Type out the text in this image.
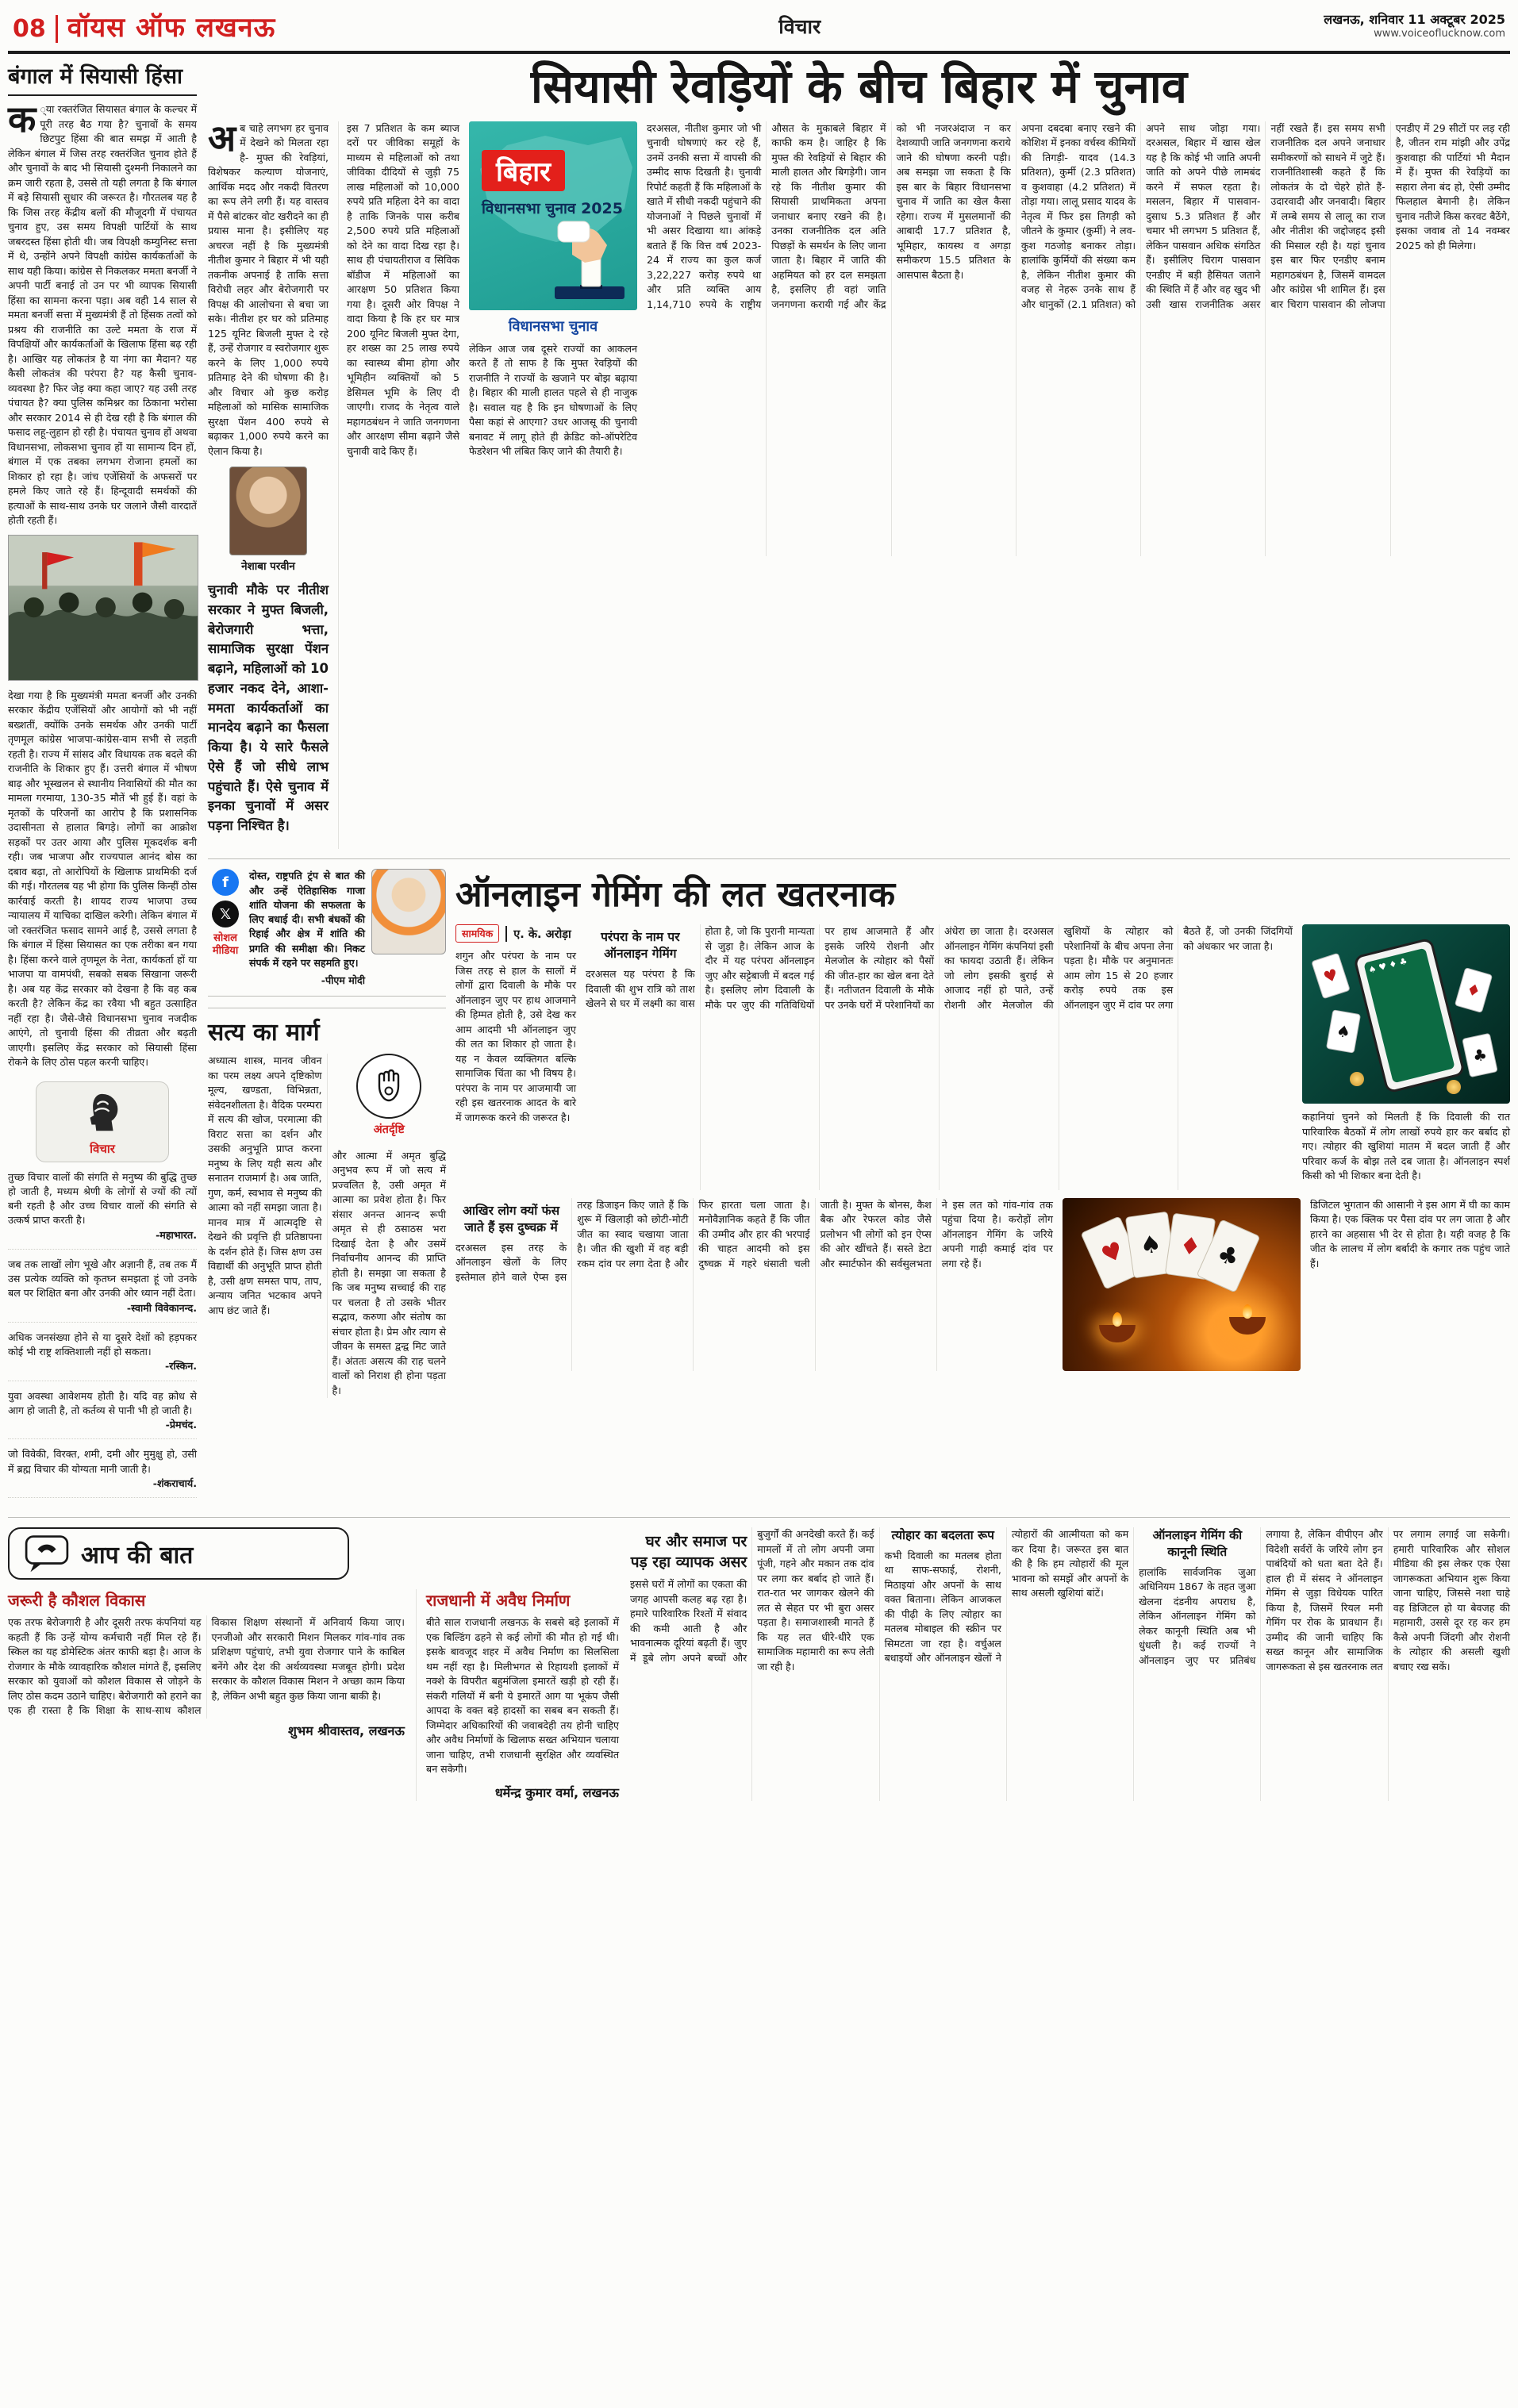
08 वॉयस ऑफ लखनऊ	विचार	लखनऊ, शनिवार 11 अक्टूबर 2025
www.voiceoflucknow.com
बंगाल में सियासी हिंसा

क ्या रक्तरंजित सियासत बंगाल के कल्चर में पूरी तरह बैठ गया है? चुनावों के समय छिटपुट हिंसा की बात समझ में आती है लेकिन बंगाल में जिस तरह रक्तरंजित चुनाव होते हैं और चुनावों के बाद भी सियासी दुश्मनी निकालने का क्रम जारी रहता है, उससे तो यही लगता है कि बंगाल में बड़े सियासी सुधार की जरूरत है। गौरतलब यह है कि जिस तरह केंद्रीय बलों की मौजूदगी में पंचायत चुनाव हुए, उस समय विपक्षी पार्टियों के साथ जबरदस्त हिंसा होती थी। जब विपक्षी कम्युनिस्ट सत्ता में थे, उन्होंने अपने विपक्षी कांग्रेस कार्यकर्ताओं के साथ यही किया। कांग्रेस से निकलकर ममता बनर्जी ने अपनी पार्टी बनाई तो उन पर भी व्यापक सियासी हिंसा का सामना करना पड़ा। अब वही 14 साल से ममता बनर्जी सत्ता में मुख्यमंत्री हैं तो हिंसक तत्वों को प्रश्रय की राजनीति का उल्टे ममता के राज में विपक्षियों और कार्यकर्ताओं के खिलाफ हिंसा बढ़ रही है। आखिर यह लोकतंत्र है या नंगा का मैदान? यह कैसी लोकतंत्र की परंपरा है? यह कैसी चुनाव-व्यवस्था है? फिर जेड़ क्या कहा जाए? यह उसी तरह पंचायत है? क्या पुलिस कमिश्नर का ठिकाना भरोसा और सरकार 2014 से ही देख रही है कि बंगाल की फसाद लहू-लुहान हो रही है। पंचायत चुनाव हों अथवा विधानसभा, लोकसभा चुनाव हों या सामान्य दिन हों, बंगाल में एक तबका लगभग रोजाना हमलों का शिकार हो रहा है। जांच एजेंसियों के अफसरों पर हमले किए जाते रहे हैं। हिन्दूवादी समर्थकों की हत्याओं के साथ-साथ उनके घर जलाने जैसी वारदातें होती रहती हैं।

देखा गया है कि मुख्यमंत्री ममता बनर्जी और उनकी सरकार केंद्रीय एजेंसियों और आयोगों को भी नहीं बख्शतीं, क्योंकि उनके समर्थक और उनकी पार्टी तृणमूल कांग्रेस भाजपा-कांग्रेस-वाम सभी से लड़ती रहती है। राज्य में सांसद और विधायक तक बदले की राजनीति के शिकार हुए हैं। उत्तरी बंगाल में भीषण बाढ़ और भूस्खलन से स्थानीय निवासियों की मौत का मामला गरमाया, 130-35 मौतें भी हुई हैं। वहां के मृतकों के परिजनों का आरोप है कि प्रशासनिक उदासीनता से हालात बिगड़े। लोगों का आक्रोश सड़कों पर उतर आया और पुलिस मूकदर्शक बनी रही। जब भाजपा और राज्यपाल आनंद बोस का दबाव बढ़ा, तो आरोपियों के खिलाफ प्राथमिकी दर्ज की गई। गौरतलब यह भी होगा कि पुलिस किन्हीं ठोस कार्रवाई करती है। शायद राज्य भाजपा उच्च न्यायालय में याचिका दाखिल करेगी। लेकिन बंगाल में जो रक्तरंजित फसाद सामने आई है, उससे लगता है कि बंगाल में हिंसा सियासत का एक तरीका बन गया है। हिंसा करने वाले तृणमूल के नेता, कार्यकर्ता हों या भाजपा या वामपंथी, सबको सबक सिखाना जरूरी है। अब यह केंद्र सरकार को देखना है कि वह कब करती है? लेकिन केंद्र का रवैया भी बहुत उत्साहित नहीं रहा है। जैसे-जैसे विधानसभा चुनाव नजदीक आएंगे, तो चुनावी हिंसा की तीव्रता और बढ़ती जाएगी। इसलिए केंद्र सरकार को सियासी हिंसा रोकने के लिए ठोस पहल करनी चाहिए।

विचार
तुच्छ विचार वालों की संगति से मनुष्य की बुद्धि तुच्छ हो जाती है, मध्यम श्रेणी के लोगों से ज्यों की त्यों बनी रहती है और उच्च विचार वालों की संगति से उत्कर्ष प्राप्त करती है।
-महाभारत.
जब तक लाखों लोग भूखे और अज्ञानी हैं, तब तक मैं उस प्रत्येक व्यक्ति को कृतघ्न समझता हूं जो उनके बल पर शिक्षित बना और उनकी ओर ध्यान नहीं देता।
-स्वामी विवेकानन्द.
अधिक जनसंख्या होने से या दूसरे देशों को हड़पकर कोई भी राष्ट्र शक्तिशाली नहीं हो सकता।
-रस्किन.
युवा अवस्था आवेशमय होती है। यदि वह क्रोध से आग हो जाती है, तो कर्तव्य से पानी भी हो जाती है।
-प्रेमचंद.
जो विवेकी, विरक्त, शमी, दमी और मुमुक्षु हो, उसी में ब्रह्म विचार की योग्यता मानी जाती है।
-शंकराचार्य.
सियासी रेवड़ियों के बीच बिहार में चुनाव

अब चाहे लगभग हर चुनाव में देखने को मिलता रहा है- मुफ्त की रेवड़ियां, विशेषकर कल्याण योजनाएं, आर्थिक मदद और नकदी वितरण का रूप लेने लगी हैं। यह वास्तव में पैसे बांटकर वोट खरीदने का ही प्रयास माना है। इसीलिए यह अचरज नहीं है कि मुख्यमंत्री नीतीश कुमार ने बिहार में भी यही तकनीक अपनाई है ताकि सत्ता विरोधी लहर और बेरोजगारी पर विपक्ष की आलोचना से बचा जा सके। नीतीश हर घर को प्रतिमाह 125 यूनिट बिजली मुफ्त दे रहे हैं, उन्हें रोजगार व स्वरोजगार शुरू करने के लिए 1,000 रुपये प्रतिमाह देने की घोषणा की है। और विचार ओ कुछ करोड़ महिलाओं को मासिक सामाजिक सुरक्षा पेंशन 400 रुपये से बढ़ाकर 1,000 रुपये करने का ऐलान किया है।

नेशाबा परवीन

चुनावी मौके पर नीतीश सरकार ने मुफ्त बिजली, बेरोजगारी भत्ता, सामाजिक सुरक्षा पेंशन बढ़ाने, महिलाओं को 10 हजार नकद देने, आशा-ममता कार्यकर्ताओं का मानदेय बढ़ाने का फैसला किया है। ये सारे फैसले ऐसे हैं जो सीधे लाभ पहुंचाते हैं। ऐसे चुनाव में इनका चुनावों में असर पड़ना निश्चित है।

इस 7 प्रतिशत के कम ब्याज दरों पर जीविका समूहों के माध्यम से महिलाओं को तथा जीविका दीदियों से जुड़ी 75 लाख महिलाओं को 10,000 रुपये प्रति महिला देने का वादा है ताकि जिनके पास करीब 2,500 रुपये प्रति महिलाओं को देने का वादा दिख रहा है। साथ ही पंचायतीराज व सिविक बॉडीज में महिलाओं का आरक्षण 50 प्रतिशत किया गया है। दूसरी ओर विपक्ष ने वादा किया है कि हर घर मात्र 200 यूनिट बिजली मुफ्त देगा, हर शख्स का 25 लाख रुपये का स्वास्थ्य बीमा होगा और भूमिहीन व्यक्तियों को 5 डेसिमल भूमि के लिए दी जाएगी। राजद के नेतृत्व वाले महागठबंधन ने जाति जनगणना और आरक्षण सीमा बढ़ाने जैसे चुनावी वादे किए हैं।

बिहार
विधानसभा चुनाव 2025
विधानसभा चुनाव

लेकिन आज जब दूसरे राज्यों का आकलन करते हैं तो साफ है कि मुफ्त रेवड़ियों की राजनीति ने राज्यों के खजाने पर बोझ बढ़ाया है। बिहार की माली हालत पहले से ही नाजुक है। सवाल यह है कि इन घोषणाओं के लिए पैसा कहां से आएगा? उधर आजसू की चुनावी बनावट में लागू होते ही क्रेडिट को-ऑपरेटिव फेडरेशन भी लंबित किए जाने की तैयारी है।

दरअसल, नीतीश कुमार जो भी चुनावी घोषणाएं कर रहे हैं, उनमें उनकी सत्ता में वापसी की उम्मीद साफ दिखती है। चुनावी रिपोर्ट कहती हैं कि महिलाओं के खाते में सीधी नकदी पहुंचाने की योजनाओं ने पिछले चुनावों में भी असर दिखाया था। आंकड़े बताते हैं कि वित्त वर्ष 2023-24 में राज्य का कुल कर्ज 3,22,227 करोड़ रुपये था और प्रति व्यक्ति आय 1,14,710 रुपये के राष्ट्रीय औसत के मुकाबले बिहार में काफी कम है। जाहिर है कि मुफ्त की रेवड़ियों से बिहार की माली हालत और बिगड़ेगी। जान रहे कि नीतीश कुमार की सियासी प्राथमिकता अपना जनाधार बनाए रखने की है। उनका राजनीतिक दल अति पिछड़ों के समर्थन के लिए जाना जाता है। बिहार में जाति की अहमियत को हर दल समझता है, इसलिए ही वहां जाति जनगणना करायी गई और केंद्र को भी नजरअंदाज न कर देशव्यापी जाति जनगणना कराये जाने की घोषणा करनी पड़ी। अब समझा जा सकता है कि इस बार के बिहार विधानसभा चुनाव में जाति का खेल कैसा रहेगा। राज्य में मुसलमानों की आबादी 17.7 प्रतिशत है, भूमिहार, कायस्थ व अगड़ा समीकरण 15.5 प्रतिशत के आसपास बैठता है।

अपना दबदबा बनाए रखने की कोशिश में इनका वर्चस्व कीमियों की तिगड़ी- यादव (14.3 प्रतिशत), कुर्मी (2.3 प्रतिशत) व कुशवाहा (4.2 प्रतिशत) में तोड़ा गया। लालू प्रसाद यादव के नेतृत्व में फिर इस तिगड़ी को जीतने के कुमार (कुर्मी) ने लव-कुश गठजोड़ बनाकर तोड़ा। हालांकि कुर्मियों की संख्या कम है, लेकिन नीतीश कुमार की वजह से नेहरू उनके साथ हैं और धानुकों (2.1 प्रतिशत) को अपने साथ जोड़ा गया। दरअसल, बिहार में खास खेल यह है कि कोई भी जाति अपनी जाति को अपने पीछे लामबंद करने में सफल रहता है। मसलन, बिहार में पासवान-दुसाध 5.3 प्रतिशत हैं और चमार भी लगभग 5 प्रतिशत हैं, लेकिन पासवान अधिक संगठित हैं। इसीलिए चिराग पासवान एनडीए में बड़ी हैसियत जताने की स्थिति में हैं और वह खुद भी उसी खास राजनीतिक असर नहीं रखते हैं। इस समय सभी राजनीतिक दल अपने जनाधार समीकरणों को साधने में जुटे हैं। राजनीतिशास्त्री कहते हैं कि लोकतंत्र के दो चेहरे होते हैं- उदारवादी और जनवादी। बिहार में लम्बे समय से लालू का राज और नीतीश की जद्दोजहद इसी की मिसाल रही है। यहां चुनाव इस बार फिर एनडीए बनाम महागठबंधन है, जिसमें वामदल और कांग्रेस भी शामिल हैं। इस बार चिराग पासवान की लोजपा एनडीए में 29 सीटों पर लड़ रही है, जीतन राम मांझी और उपेंद्र कुशवाहा की पार्टियां भी मैदान में हैं। मुफ्त की रेवड़ियों का सहारा लेना बंद हो, ऐसी उम्मीद फिलहाल बेमानी है। लेकिन चुनाव नतीजे किस करवट बैठेंगे, इसका जवाब तो 14 नवम्बर 2025 को ही मिलेगा।

f
𝕏
सोशल मीडिया
दोस्त, राष्ट्रपति ट्रंप से बात की और उन्हें ऐतिहासिक गाजा शांति योजना की सफलता के लिए बधाई दी। सभी बंधकों की रिहाई और क्षेत्र में शांति की प्रगति की समीक्षा की। निकट संपर्क में रहने पर सहमति हुए।
-पीएम मोदी
सत्य का मार्ग

अध्यात्म शास्त्र, मानव जीवन का परम लक्ष्य अपने दृष्टिकोण मूल्य, खण्डता, विभिन्नता, संवेदनशीलता है। वैदिक परम्परा में सत्य की खोज, परमात्मा की विराट सत्ता का दर्शन और उसकी अनुभूति प्राप्त करना मनुष्य के लिए यही सत्य और सनातन राजमार्ग है। अब जाति, गुण, कर्म, स्वभाव से मनुष्य की आत्मा को नहीं समझा जाता है। मानव मात्र में आत्मदृष्टि से देखने की प्रवृत्ति ही प्रतिष्ठापना के दर्शन होते हैं। जिस क्षण उस विद्यार्थी की अनुभूति प्राप्त होती है, उसी क्षण समस्त पाप, ताप, अन्याय जनित भटकाव अपने आप छंट जाते हैं।

अंतर्दृष्टि

और आत्मा में अमृत बुद्धि अनुभव रूप में जो सत्य में प्रज्वलित है, उसी अमृत में आत्मा का प्रवेश होता है। फिर संसार अनन्त आनन्द रूपी अमृत से ही ठसाठस भरा दिखाई देता है और उसमें निर्वाचनीय आनन्द की प्राप्ति होती है। समझा जा सकता है कि जब मनुष्य सच्चाई की राह पर चलता है तो उसके भीतर सद्भाव, करुणा और संतोष का संचार होता है। प्रेम और त्याग से जीवन के समस्त द्वन्द्व मिट जाते हैं। अंततः असत्य की राह चलने वालों को निराश ही होना पड़ता है।

ऑनलाइन गेमिंग की लत खतरनाक
सामयिक	ए. के. अरोड़ा

शगुन और परंपरा के नाम पर जिस तरह से हाल के सालों में लोगों द्वारा दिवाली के मौके पर ऑनलाइन जुए पर हाथ आजमाने की हिम्मत होती है, उसे देख कर आम आदमी भी ऑनलाइन जुए की लत का शिकार हो जाता है। यह न केवल व्यक्तिगत बल्कि सामाजिक चिंता का भी विषय है। परंपरा के नाम पर आजमायी जा रही इस खतरनाक आदत के बारे में जागरूक करने की जरूरत है।

परंपरा के नाम पर ऑनलाइन गेमिंग

दरअसल यह परंपरा है कि दिवाली की शुभ रात्रि को ताश खेलने से घर में लक्ष्मी का वास होता है, जो कि पुरानी मान्यता से जुड़ा है। लेकिन आज के दौर में यह परंपरा ऑनलाइन जुए और सट्टेबाजी में बदल गई है। इसलिए लोग दिवाली के मौके पर जुए की गतिविधियों पर हाथ आजमाते हैं और इसके जरिये रोशनी और मेलजोल के त्योहार को पैसों की जीत-हार का खेल बना देते हैं। नतीजतन दिवाली के मौके पर उनके घरों में परेशानियों का अंधेरा छा जाता है। दरअसल ऑनलाइन गेमिंग कंपनियां इसी का फायदा उठाती हैं। लेकिन जो लोग इसकी बुराई से आजाद नहीं हो पाते, उन्हें रोशनी और मेलजोल की खुशियों के त्योहार को परेशानियों के बीच अपना लेना पड़ता है। मौके पर अनुमानतः आम लोग 15 से 20 हजार करोड़ रुपये तक इस ऑनलाइन जुए में दांव पर लगा बैठते हैं, जो उनकी जिंदगियों को अंधकार भर जाता है।

♠ ♥ ♦ ♣
♥
♠
♦
♣

कहानियां चुनने को मिलती हैं कि दिवाली की रात पारिवारिक बैठकों में लोग लाखों रुपये हार कर बर्बाद हो गए। त्योहार की खुशियां मातम में बदल जाती हैं और परिवार कर्ज के बोझ तले दब जाता है। ऑनलाइन स्पर्श किसी को भी शिकार बना देती है।

आखिर लोग क्यों फंस जाते हैं इस दुष्चक्र में

दरअसल इस तरह के ऑनलाइन खेलों के लिए इस्तेमाल होने वाले ऐप्स इस तरह डिजाइन किए जाते हैं कि शुरू में खिलाड़ी को छोटी-मोटी जीत का स्वाद चखाया जाता है। जीत की खुशी में वह बड़ी रकम दांव पर लगा देता है और फिर हारता चला जाता है। मनोवैज्ञानिक कहते हैं कि जीत की उम्मीद और हार की भरपाई की चाहत आदमी को इस दुष्चक्र में गहरे धंसाती चली जाती है। मुफ्त के बोनस, कैश बैक और रेफरल कोड जैसे प्रलोभन भी लोगों को इन ऐप्स की ओर खींचते हैं। सस्ते डेटा और स्मार्टफोन की सर्वसुलभता ने इस लत को गांव-गांव तक पहुंचा दिया है। करोड़ों लोग ऑनलाइन गेमिंग के जरिये अपनी गाढ़ी कमाई दांव पर लगा रहे हैं।	♥ ♠ ♦ ♣

डिजिटल भुगतान की आसानी ने इस आग में घी का काम किया है। एक क्लिक पर पैसा दांव पर लग जाता है और हारने का अहसास भी देर से होता है। यही वजह है कि जीत के लालच में लोग बर्बादी के कगार तक पहुंच जाते हैं।

आप की बात
जरूरी है कौशल विकास

एक तरफ बेरोजगारी है और दूसरी तरफ कंपनियां यह कहती हैं कि उन्हें योग्य कर्मचारी नहीं मिल रहे हैं। स्किल का यह डोमेस्टिक अंतर काफी बड़ा है। आज के रोजगार के मौके व्यावहारिक कौशल मांगते हैं, इसलिए सरकार को युवाओं को कौशल विकास से जोड़ने के लिए ठोस कदम उठाने चाहिए। बेरोजगारी को हराने का एक ही रास्ता है कि शिक्षा के साथ-साथ कौशल विकास शिक्षण संस्थानों में अनिवार्य किया जाए। एनजीओ और सरकारी मिशन मिलकर गांव-गांव तक प्रशिक्षण पहुंचाएं, तभी युवा रोजगार पाने के काबिल बनेंगे और देश की अर्थव्यवस्था मजबूत होगी। प्रदेश सरकार के कौशल विकास मिशन ने अच्छा काम किया है, लेकिन अभी बहुत कुछ किया जाना बाकी है।

शुभम श्रीवास्तव, लखनऊ
राजधानी में अवैध निर्माण

बीते साल राजधानी लखनऊ के सबसे बड़े इलाकों में एक बिल्डिंग ढहने से कई लोगों की मौत हो गई थी। इसके बावजूद शहर में अवैध निर्माण का सिलसिला थम नहीं रहा है। मिलीभगत से रिहायशी इलाकों में नक्शे के विपरीत बहुमंजिला इमारतें खड़ी हो रही हैं। संकरी गलियों में बनी ये इमारतें आग या भूकंप जैसी आपदा के वक्त बड़े हादसों का सबब बन सकती हैं। जिम्मेदार अधिकारियों की जवाबदेही तय होनी चाहिए और अवैध निर्माणों के खिलाफ सख्त अभियान चलाया जाना चाहिए, तभी राजधानी सुरक्षित और व्यवस्थित बन सकेगी।

धर्मेन्द्र कुमार वर्मा, लखनऊ
घर और समाज पर पड़ रहा व्यापक असर

इससे घरों में लोगों का एकता की जगह आपसी कलह बढ़ रहा है। हमारे पारिवारिक रिश्तों में संवाद की कमी आती है और भावनात्मक दूरियां बढ़ती हैं। जुए में डूबे लोग अपने बच्चों और बुजुर्गों की अनदेखी करते हैं। कई मामलों में तो लोग अपनी जमा पूंजी, गहने और मकान तक दांव पर लगा कर बर्बाद हो जाते हैं। रात-रात भर जागकर खेलने की लत से सेहत पर भी बुरा असर पड़ता है। समाजशास्त्री मानते हैं कि यह लत धीरे-धीरे एक सामाजिक महामारी का रूप लेती जा रही है।

त्योहार का बदलता रूप

कभी दिवाली का मतलब होता था साफ-सफाई, रोशनी, मिठाइयां और अपनों के साथ वक्त बिताना। लेकिन आजकल की पीढ़ी के लिए त्योहार का मतलब मोबाइल की स्क्रीन पर सिमटता जा रहा है। वर्चुअल बधाइयों और ऑनलाइन खेलों ने त्योहारों की आत्मीयता को कम कर दिया है। जरूरत इस बात की है कि हम त्योहारों की मूल भावना को समझें और अपनों के साथ असली खुशियां बांटें।

ऑनलाइन गेमिंग की कानूनी स्थिति

हालांकि सार्वजनिक जुआ अधिनियम 1867 के तहत जुआ खेलना दंडनीय अपराध है, लेकिन ऑनलाइन गेमिंग को लेकर कानूनी स्थिति अब भी धुंधली है। कई राज्यों ने ऑनलाइन जुए पर प्रतिबंध लगाया है, लेकिन वीपीएन और विदेशी सर्वरों के जरिये लोग इन पाबंदियों को धता बता देते हैं। हाल ही में संसद ने ऑनलाइन गेमिंग से जुड़ा विधेयक पारित किया है, जिसमें रियल मनी गेमिंग पर रोक के प्रावधान हैं। उम्मीद की जानी चाहिए कि सख्त कानून और सामाजिक जागरूकता से इस खतरनाक लत पर लगाम लगाई जा सकेगी। हमारी पारिवारिक और सोशल मीडिया की इस लेकर एक ऐसा जागरूकता अभियान शुरू किया जाना चाहिए, जिससे नशा चाहे वह डिजिटल हो या बेवजह की महामारी, उससे दूर रह कर हम कैसे अपनी जिंदगी और रोशनी के त्योहार की असली खुशी बचाए रख सकें।
